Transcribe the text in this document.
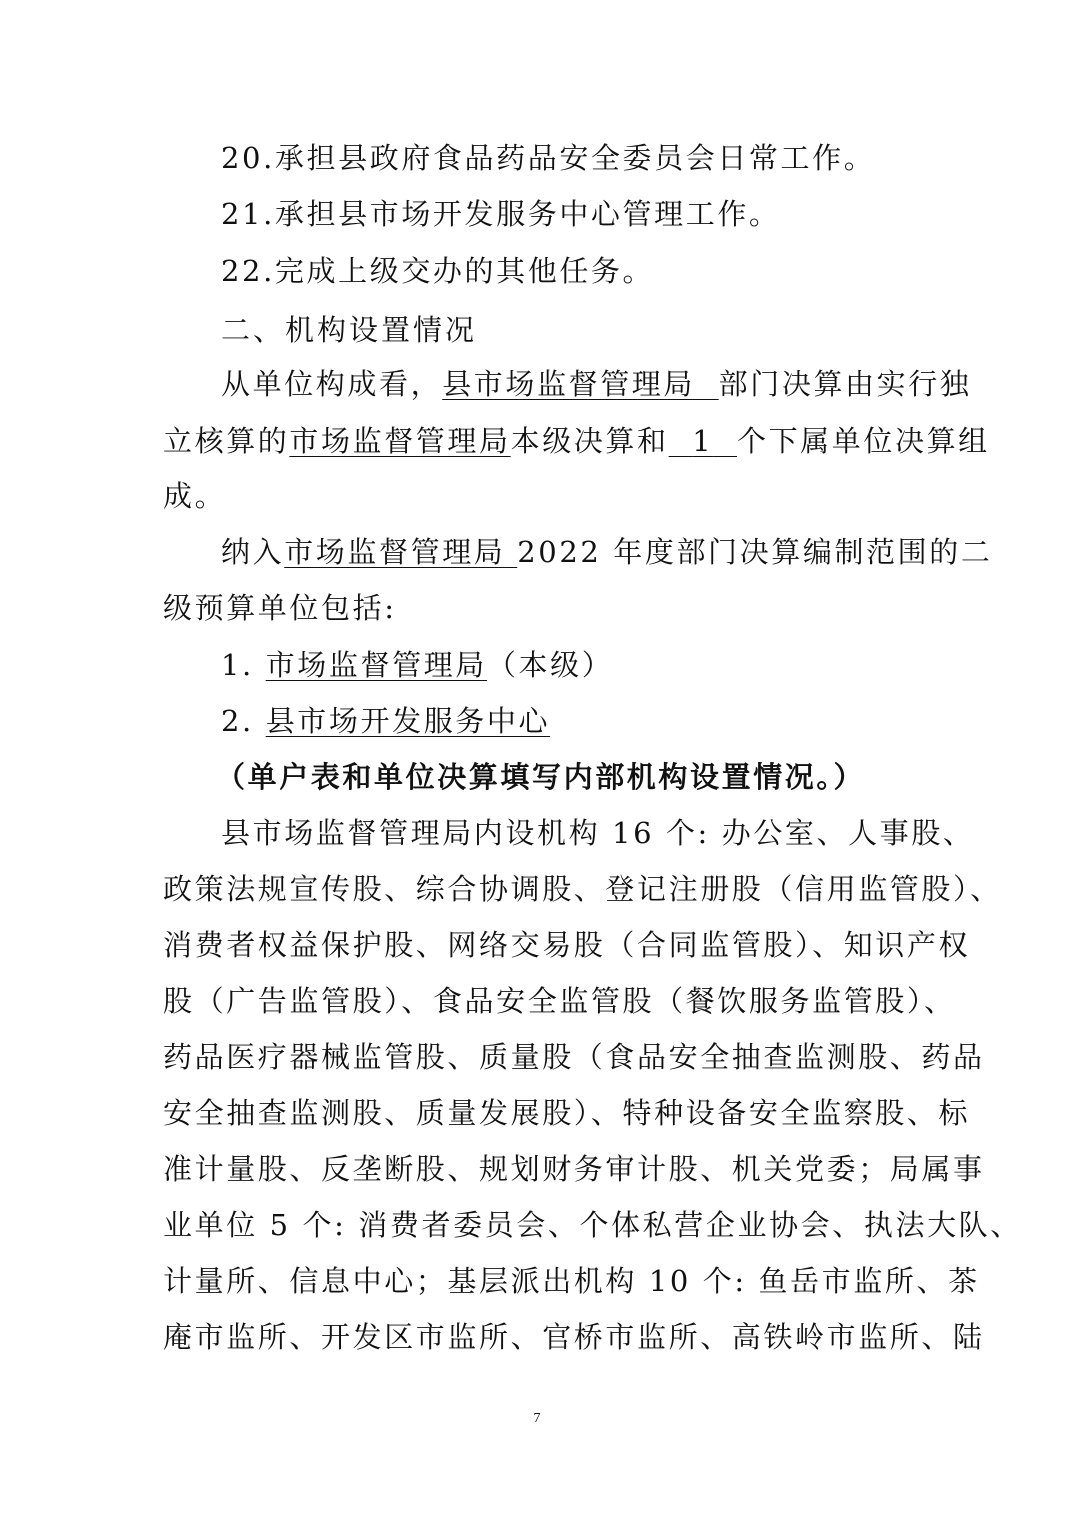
20.承担县政府食品药品安全委员会日常工作。
21.承担县市场开发服务中心管理工作。
22.完成上级交办的其他任务。
二、机构设置情况
从单位构成看，县市场监督管理局 部门决算由实行独
立核算的市场监督管理局本级决算和 1 个下属单位决算组
成。
纳入市场监督管理局 2022 年度部门决算编制范围的二
级预算单位包括:
1. 市场监督管理局（本级）
2. 县市场开发服务中心
（单户表和单位决算填写内部机构设置情况。）
县市场监督管理局内设机构 16 个: 办公室、人事股、
政策法规宣传股、综合协调股、登记注册股（信用监管股）、
消费者权益保护股、网络交易股（合同监管股）、知识产权
股（广告监管股）、食品安全监管股（餐饮服务监管股）、
药品医疗器械监管股、质量股（食品安全抽查监测股、药品
安全抽查监测股、质量发展股）、特种设备安全监察股、标
准计量股、反垄断股、规划财务审计股、机关党委；局属事
业单位 5 个: 消费者委员会、个体私营企业协会、执法大队、
计量所、信息中心；基层派出机构 10 个: 鱼岳市监所、茶
庵市监所、开发区市监所、官桥市监所、高铁岭市监所、陆
7
